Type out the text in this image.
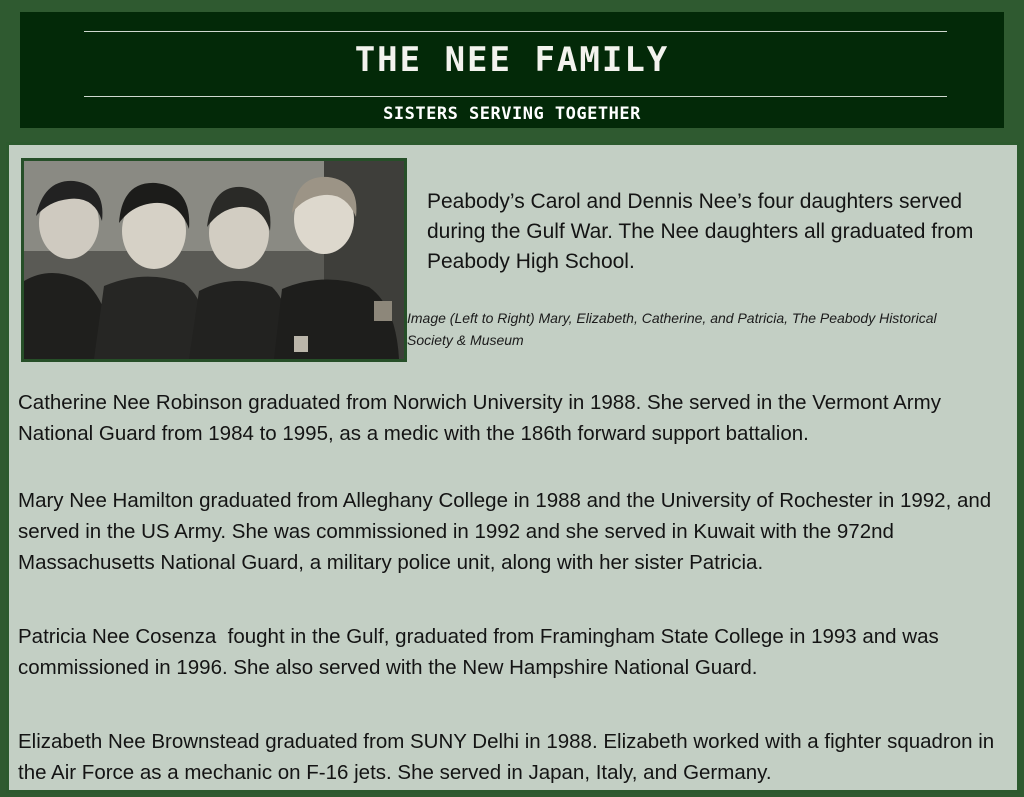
THE NEE FAMILY
SISTERS SERVING TOGETHER
Peabody’s Carol and Dennis Nee’s four daughters served during the Gulf War. The Nee daughters all graduated from Peabody High School.
Image (Left to Right) Mary, Elizabeth, Catherine, and Patricia, The Peabody Historical Society & Museum
Catherine Nee Robinson graduated from Norwich University in 1988. She served in the Vermont Army National Guard from 1984 to 1995, as a medic with the 186th forward support battalion.
Mary Nee Hamilton graduated from Alleghany College in 1988 and the University of Rochester in 1992, and served in the US Army. She was commissioned in 1992 and she served in Kuwait with the 972nd Massachusetts National Guard, a military police unit, along with her sister Patricia.
Patricia Nee Cosenza  fought in the Gulf, graduated from Framingham State College in 1993 and was commissioned in 1996. She also served with the New Hampshire National Guard.
Elizabeth Nee Brownstead graduated from SUNY Delhi in 1988. Elizabeth worked with a fighter squadron in the Air Force as a mechanic on F-16 jets. She served in Japan, Italy, and Germany.
